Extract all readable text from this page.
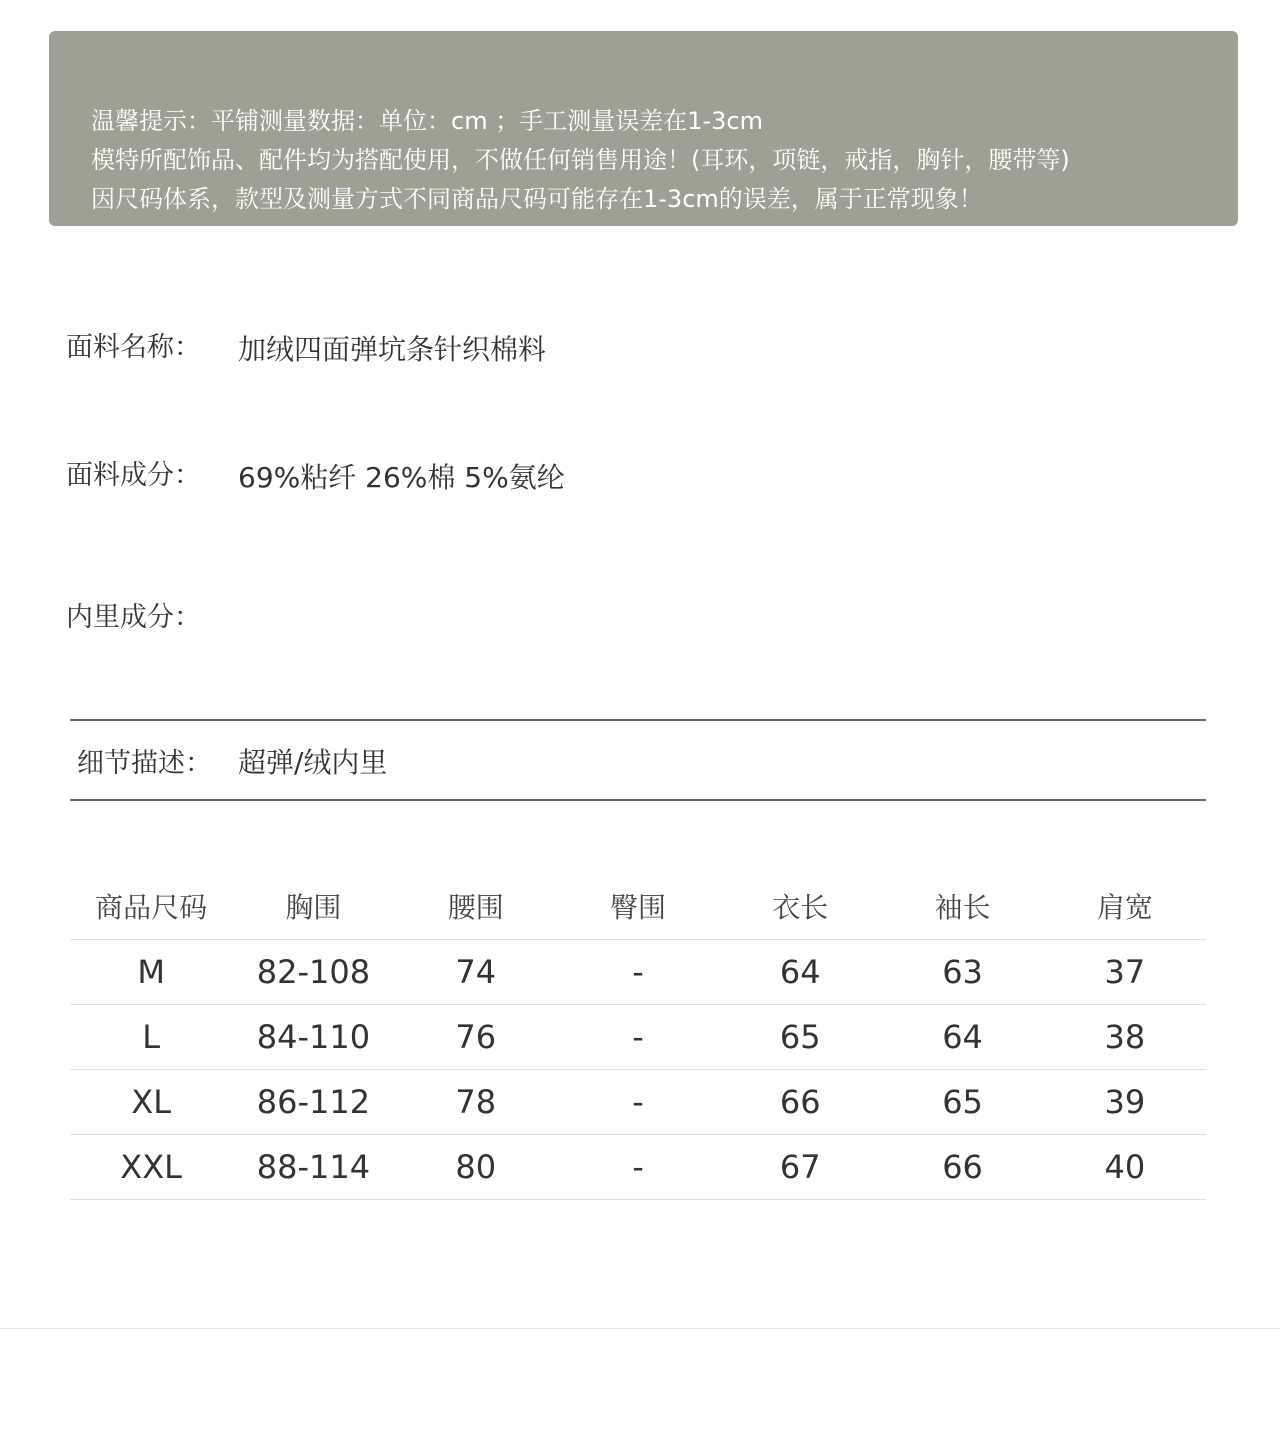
温馨提示：平铺测量数据：单位：cm ；手工测量误差在1-3cm
模特所配饰品、配件均为搭配使用，不做任何销售用途！(耳环，项链，戒指，胸针，腰带等)
因尺码体系，款型及测量方式不同商品尺码可能存在1-3cm的误差，属于正常现象！
面料名称： 加绒四面弹坑条针织棉料
面料成分： 69%粘纤 26%棉 5%氨纶
内里成分：
细节描述： 超弹/绒内里
商品尺码	胸围	腰围	臀围	衣长	袖长	肩宽
M	82-108	74	-	64	63	37
L	84-110	76	-	65	64	38
XL	86-112	78	-	66	65	39
XXL	88-114	80	-	67	66	40
